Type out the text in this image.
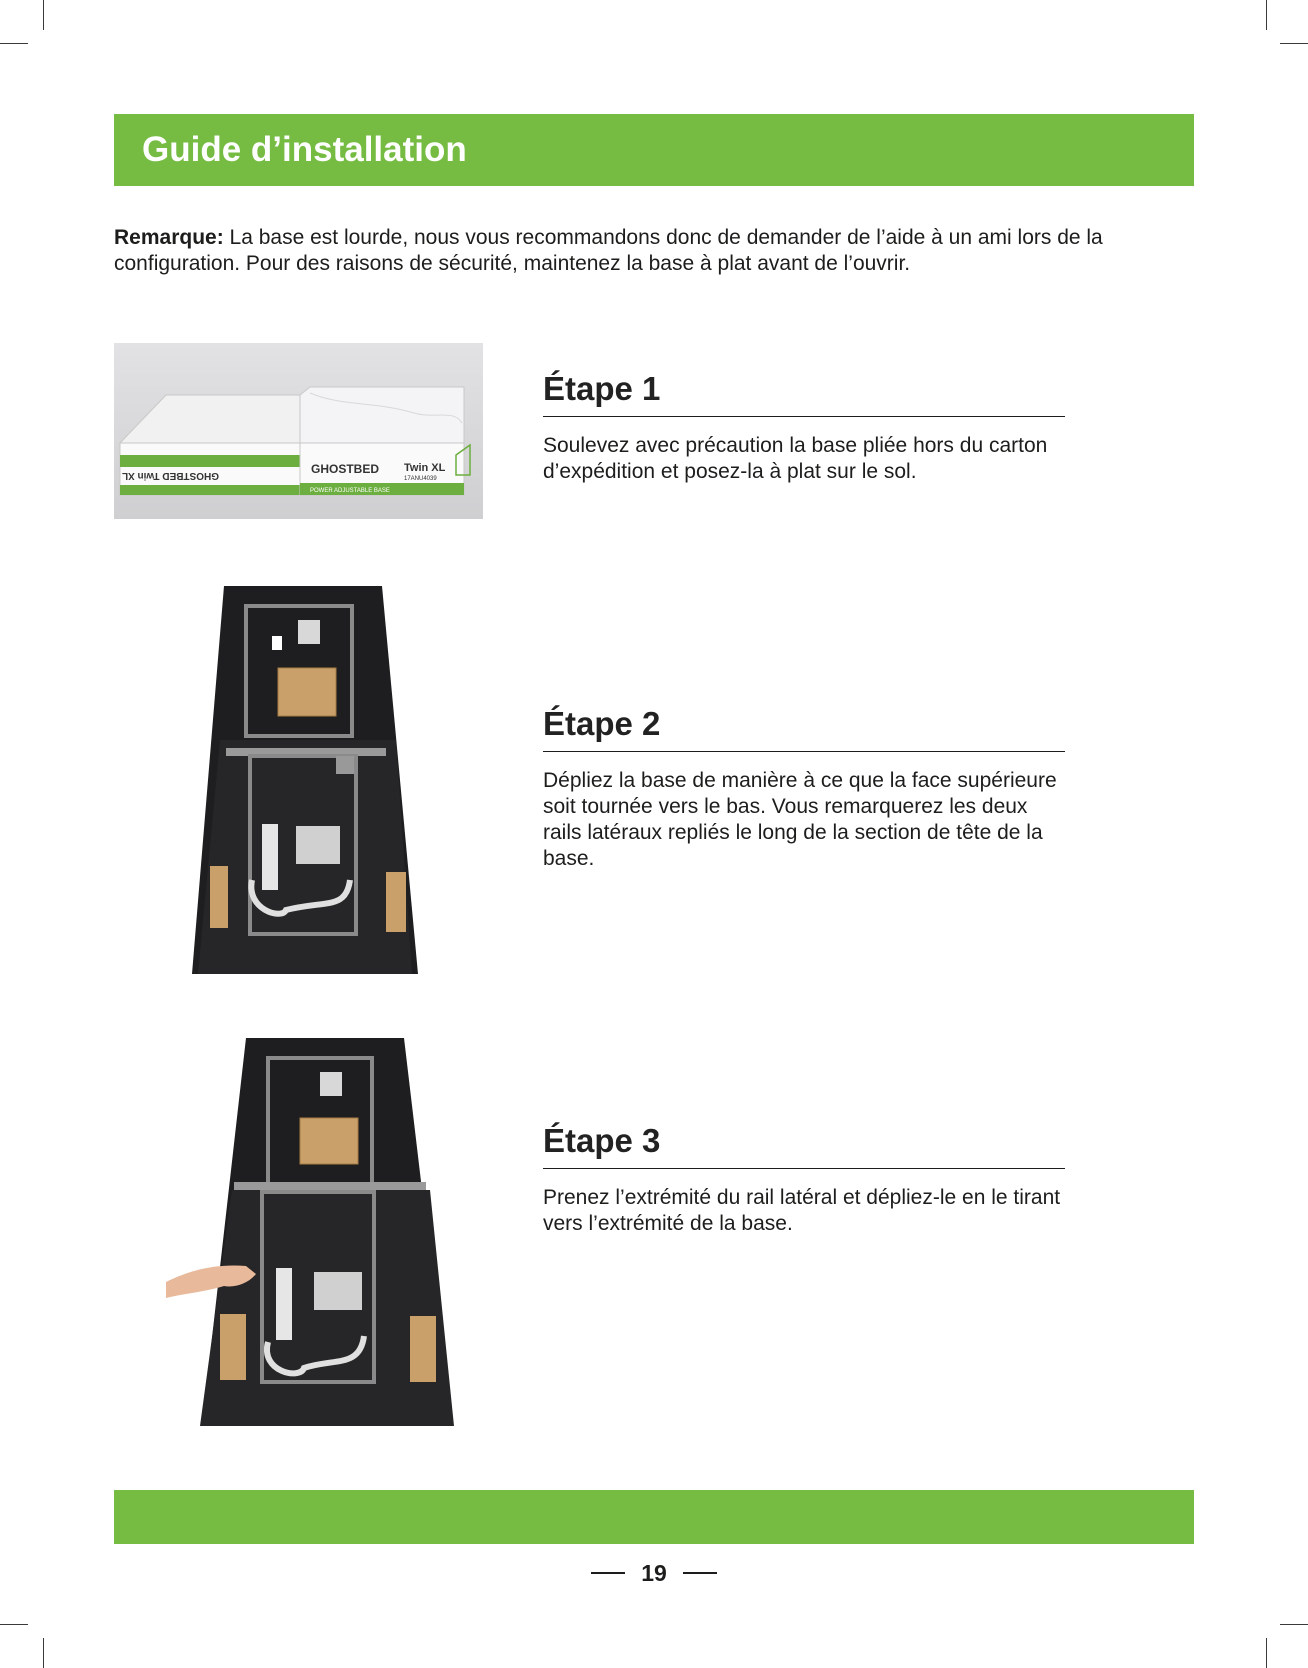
Guide d’installation
Remarque: La base est lourde, nous vous recommandons donc de demander de l’aide à un ami lors de la configuration. Pour des raisons de sécurité, maintenez la base à plat avant de l’ouvrir.
GHOSTBED Twin XL	GHOSTBED Twin XL
17ANU4039
POWER ADJUSTABLE BASE
Étape 1
Soulevez avec précaution la base pliée hors du carton d’expédition et posez-la à plat sur le sol.
Étape 2
Dépliez la base de manière à ce que la face supérieure soit tournée vers le bas. Vous remarquerez les deux rails latéraux repliés le long de la section de tête de la base.
Étape 3
Prenez l’extrémité du rail latéral et dépliez-le en le tirant vers l’extrémité de la base.
19
